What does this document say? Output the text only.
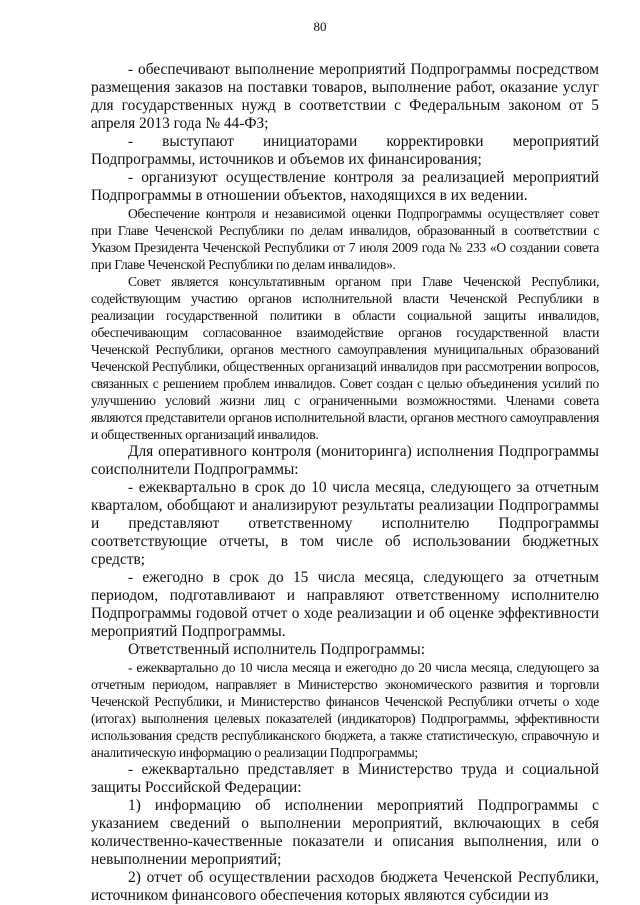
80

- обеспечивают выполнение мероприятий Подпрограммы посредством размещения заказов на поставки товаров, выполнение работ, оказание услуг для государственных нужд в соответствии с Федеральным законом от 5 апреля 2013 года № 44-ФЗ;

- выступают инициаторами корректировки мероприятий Подпрограммы, источников и объемов их финансирования;

- организуют осуществление контроля за реализацией мероприятий Подпрограммы в отношении объектов, находящихся в их ведении.

Обеспечение контроля и независимой оценки Подпрограммы осуществляет совет при Главе Чеченской Республики по делам инвалидов, образованный в соответствии с Указом Президента Чеченской Республики от 7 июля 2009 года № 233 «О создании совета при Главе Чеченской Республики по делам инвалидов».

Совет является консультативным органом при Главе Чеченской Республики, содействующим участию органов исполнительной власти Чеченской Республики в реализации государственной политики в области социальной защиты инвалидов, обеспечивающим согласованное взаимодействие органов государственной власти Чеченской Республики, органов местного самоуправления муниципальных образований Чеченской Республики, общественных организаций инвалидов при рассмотрении вопросов, связанных с решением проблем инвалидов. Совет создан с целью объединения усилий по улучшению условий жизни лиц с ограниченными возможностями. Членами совета являются представители органов исполнительной власти, органов местного самоуправления и общественных организаций инвалидов.

Для оперативного контроля (мониторинга) исполнения Подпрограммы соисполнители Подпрограммы:

- ежеквартально в срок до 10 числа месяца, следующего за отчетным кварталом, обобщают и анализируют результаты реализации Подпрограммы и представляют ответственному исполнителю Подпрограммы соответствующие отчеты, в том числе об использовании бюджетных средств;

- ежегодно в срок до 15 числа месяца, следующего за отчетным периодом, подготавливают и направляют ответственному исполнителю Подпрограммы годовой отчет о ходе реализации и об оценке эффективности мероприятий Подпрограммы.

Ответственный исполнитель Подпрограммы:

- ежеквартально до 10 числа месяца и ежегодно до 20 числа месяца, следующего за отчетным периодом, направляет в Министерство экономического развития и торговли Чеченской Республики, и Министерство финансов Чеченской Республики отчеты о ходе (итогах) выполнения целевых показателей (индикаторов) Подпрограммы, эффективности использования средств республиканского бюджета, а также статистическую, справочную и аналитическую информацию о реализации Подпрограммы;

- ежеквартально представляет в Министерство труда и социальной защиты Российской Федерации:

1) информацию об исполнении мероприятий Подпрограммы с указанием сведений о выполнении мероприятий, включающих в себя количественно-качественные показатели и описания выполнения, или о невыполнении мероприятий;

2) отчет об осуществлении расходов бюджета Чеченской Республики, источником финансового обеспечения которых являются субсидии из
